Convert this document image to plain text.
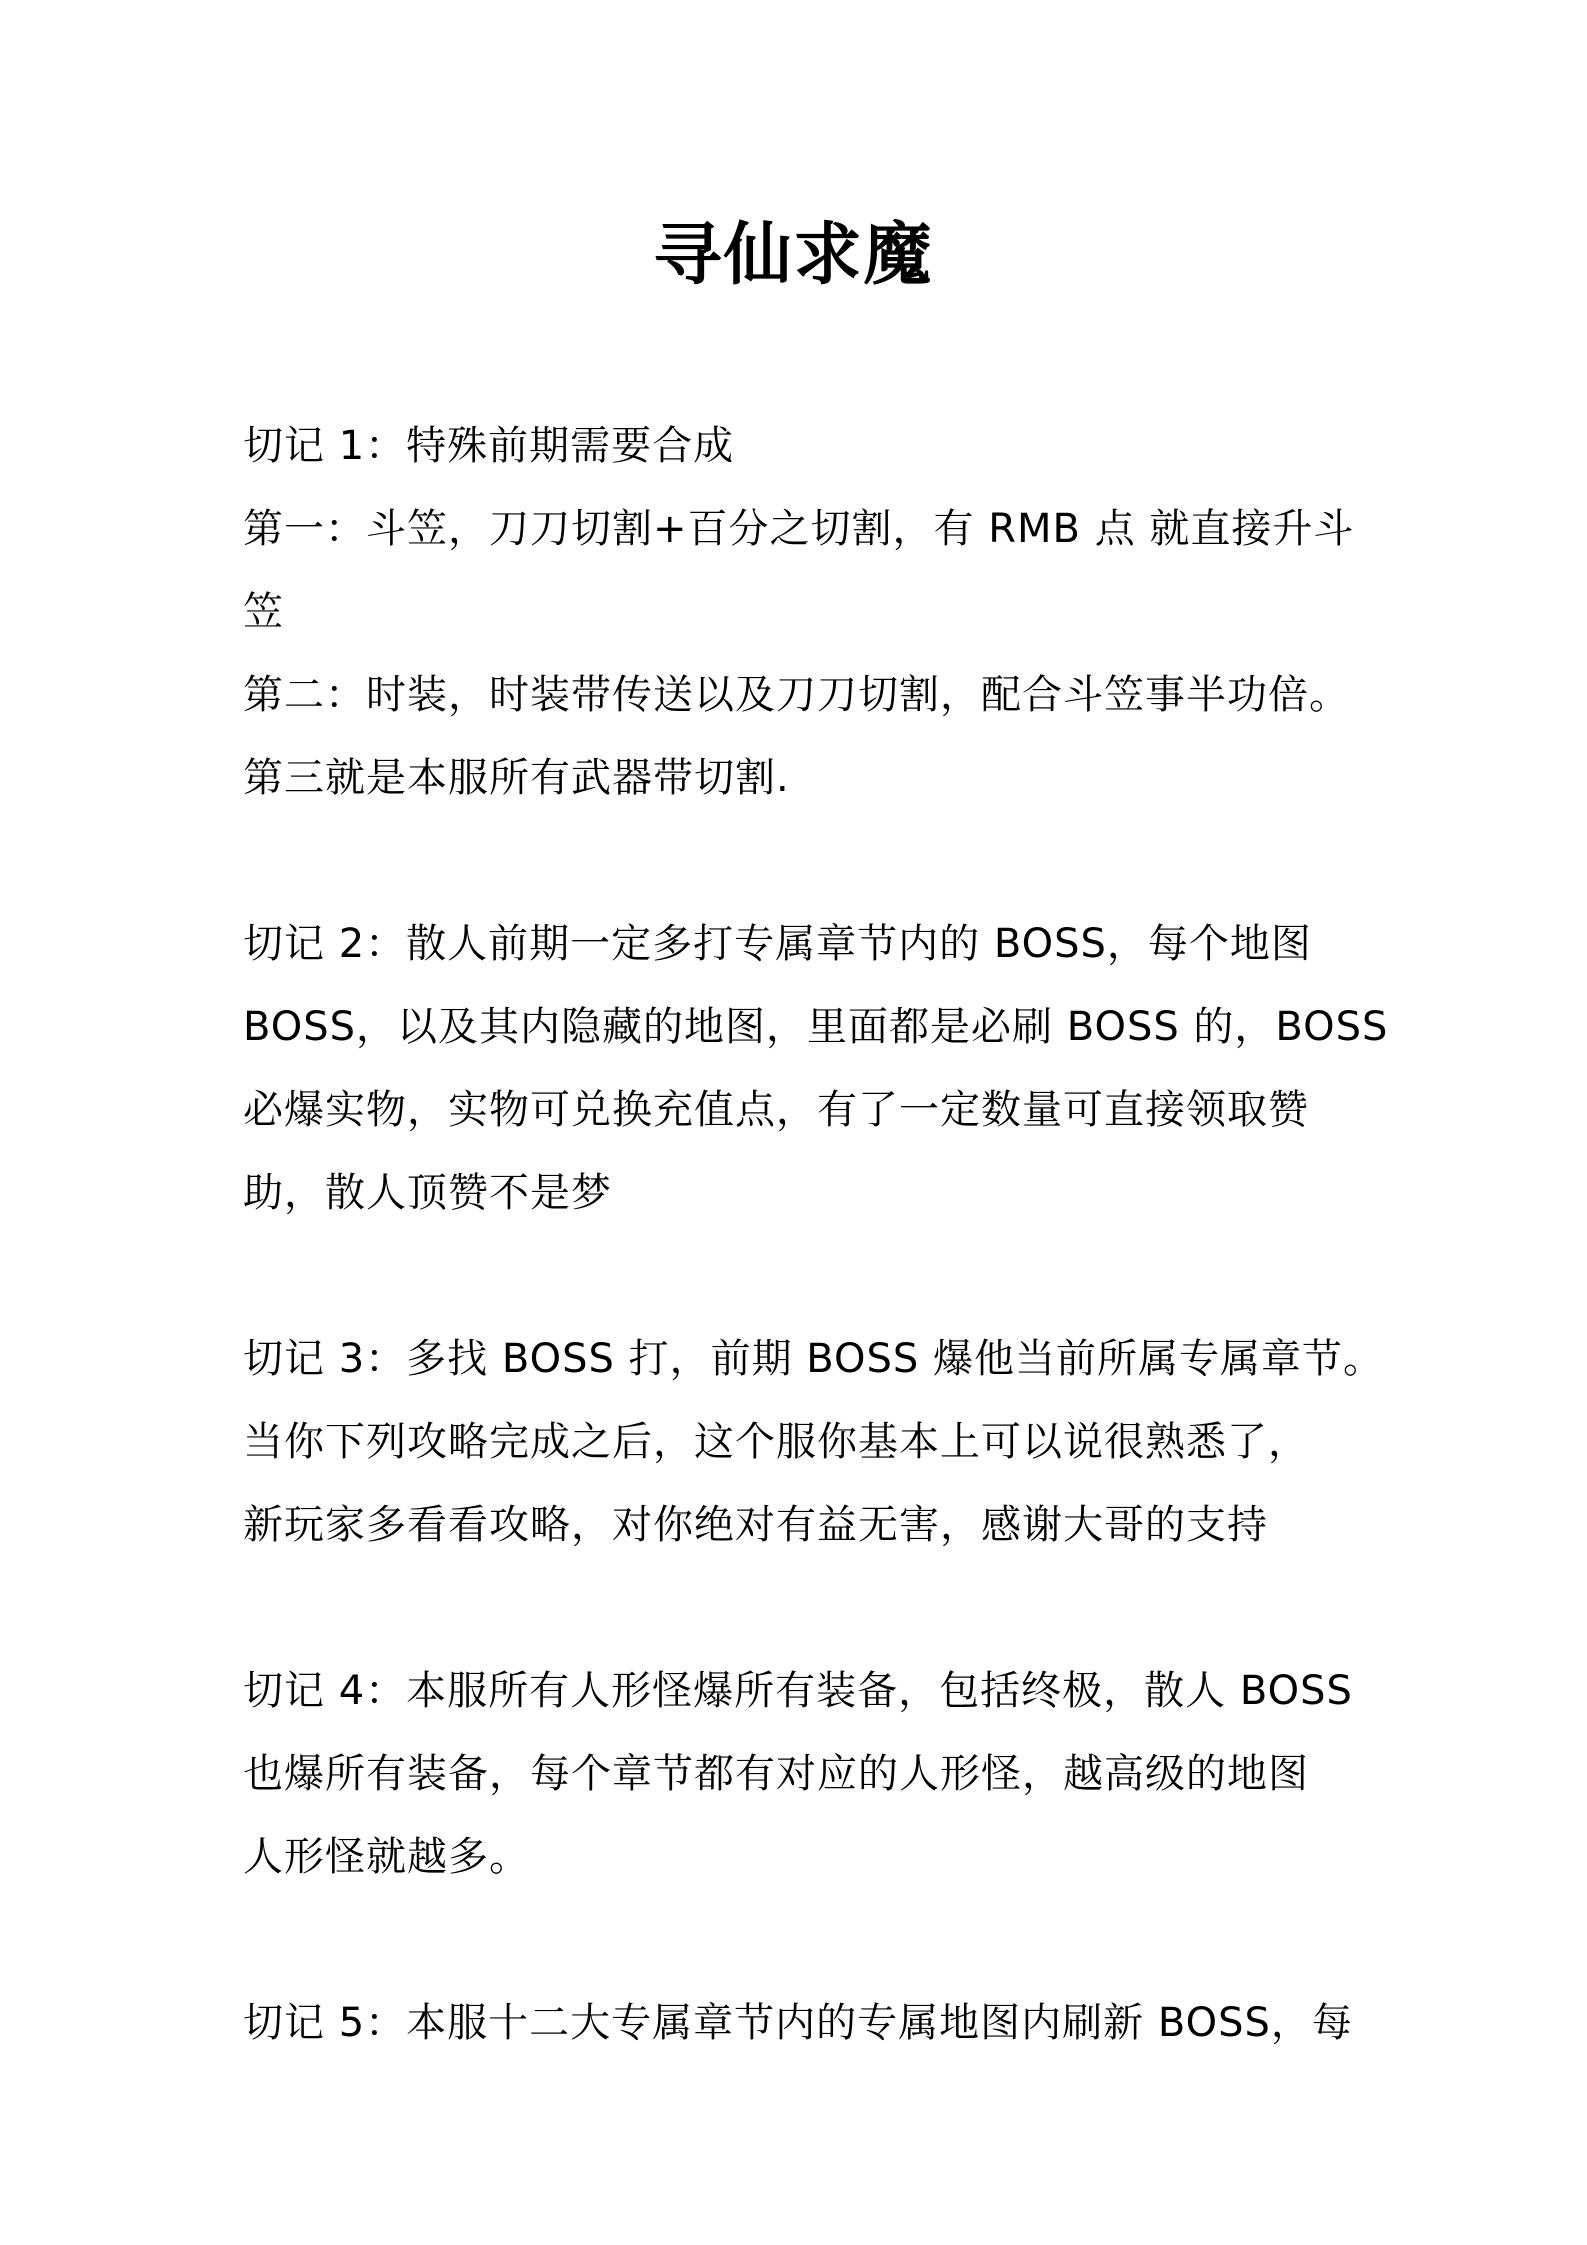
寻仙求魔
切记 1：特殊前期需要合成
第一：斗笠，刀刀切割+百分之切割，有 RMB 点 就直接升斗
笠
第二：时装，时装带传送以及刀刀切割，配合斗笠事半功倍。
第三就是本服所有武器带切割.
切记 2：散人前期一定多打专属章节内的 BOSS，每个地图
BOSS，以及其内隐藏的地图，里面都是必刷 BOSS 的，BOSS
必爆实物，实物可兑换充值点，有了一定数量可直接领取赞
助，散人顶赞不是梦
切记 3：多找 BOSS 打，前期 BOSS 爆他当前所属专属章节。
当你下列攻略完成之后，这个服你基本上可以说很熟悉了，
新玩家多看看攻略，对你绝对有益无害，感谢大哥的支持
切记 4：本服所有人形怪爆所有装备，包括终极，散人 BOSS
也爆所有装备，每个章节都有对应的人形怪，越高级的地图
人形怪就越多。
切记 5：本服十二大专属章节内的专属地图内刷新 BOSS，每
